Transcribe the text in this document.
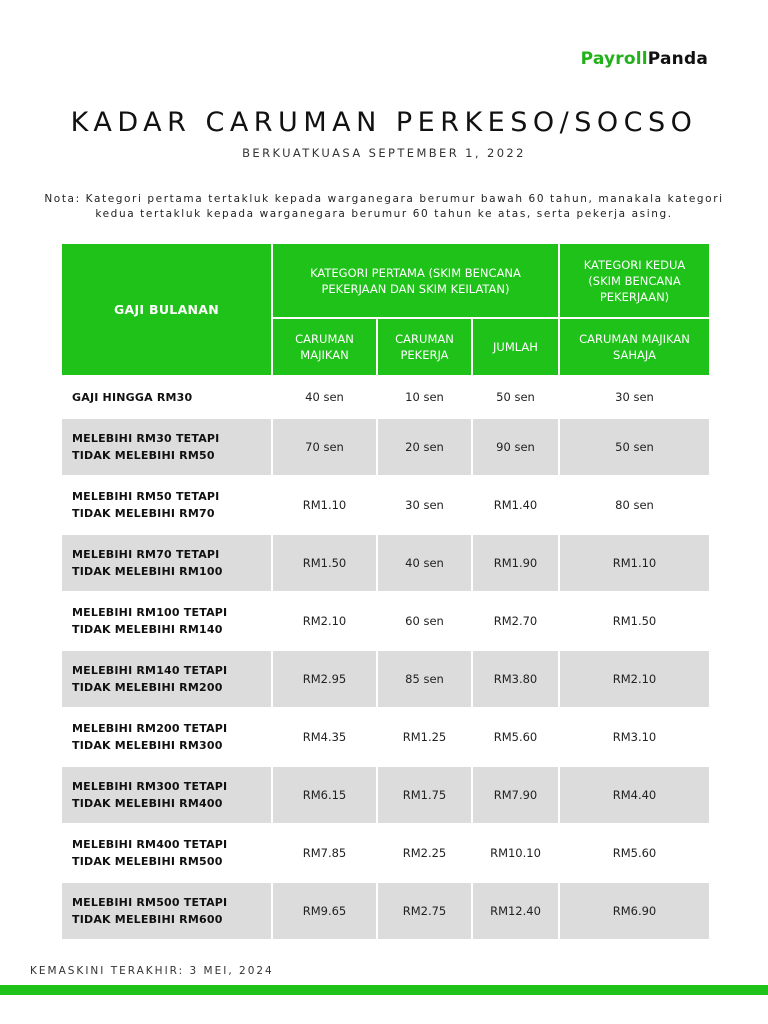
PayrollPanda
KADAR CARUMAN PERKESO/SOCSO
BERKUATKUASA SEPTEMBER 1, 2022

Nota: Kategori pertama tertakluk kepada warganegara berumur bawah 60 tahun, manakala kategori kedua tertakluk kepada warganegara berumur 60 tahun ke atas, serta pekerja asing.

GAJI BULANAN	KATEGORI PERTAMA (SKIM BENCANA PEKERJAAN DAN SKIM KEILATAN)			KATEGORI KEDUA (SKIM BENCANA PEKERJAAN)
	CARUMAN MAJIKAN	CARUMAN PEKERJA	JUMLAH	CARUMAN MAJIKAN SAHAJA
GAJI HINGGA RM30	40 sen	10 sen	50 sen	30 sen
MELEBIHI RM30 TETAPI TIDAK MELEBIHI RM50	70 sen	20 sen	90 sen	50 sen
MELEBIHI RM50 TETAPI TIDAK MELEBIHI RM70	RM1.10	30 sen	RM1.40	80 sen
MELEBIHI RM70 TETAPI TIDAK MELEBIHI RM100	RM1.50	40 sen	RM1.90	RM1.10
MELEBIHI RM100 TETAPI TIDAK MELEBIHI RM140	RM2.10	60 sen	RM2.70	RM1.50
MELEBIHI RM140 TETAPI TIDAK MELEBIHI RM200	RM2.95	85 sen	RM3.80	RM2.10
MELEBIHI RM200 TETAPI TIDAK MELEBIHI RM300	RM4.35	RM1.25	RM5.60	RM3.10
MELEBIHI RM300 TETAPI TIDAK MELEBIHI RM400	RM6.15	RM1.75	RM7.90	RM4.40
MELEBIHI RM400 TETAPI TIDAK MELEBIHI RM500	RM7.85	RM2.25	RM10.10	RM5.60
MELEBIHI RM500 TETAPI TIDAK MELEBIHI RM600	RM9.65	RM2.75	RM12.40	RM6.90
KEMASKINI TERAKHIR: 3 MEI, 2024
